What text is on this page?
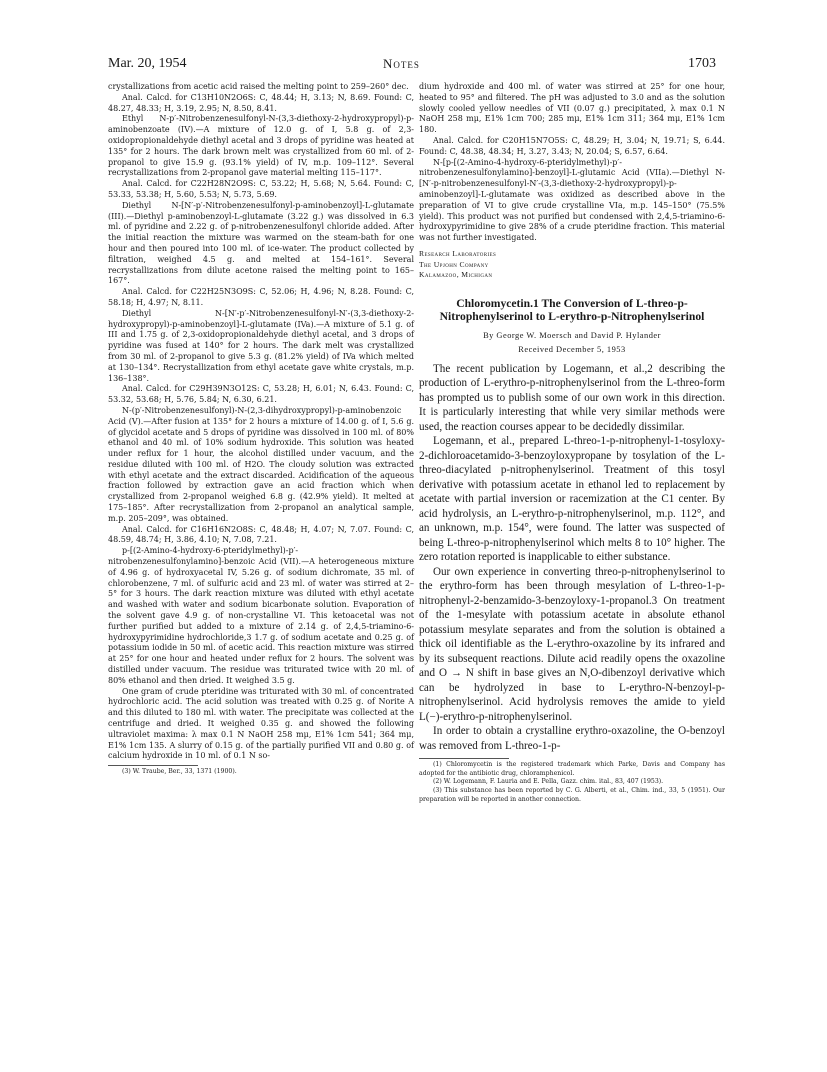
Mar. 20, 1954	Notes	1703

crystallizations from acetic acid raised the melting point to 259–260° dec.

Anal. Calcd. for C13H10N2O6S: C, 48.44; H, 3.13; N, 8.69. Found: C, 48.27, 48.33; H, 3.19, 2.95; N, 8.50, 8.41.

Ethyl N-p′-Nitrobenzenesulfonyl-N-(3,3-diethoxy-2-hydroxypropyl)-p-aminobenzoate (IV).—A mixture of 12.0 g. of I, 5.8 g. of 2,3-oxidopropionaldehyde diethyl acetal and 3 drops of pyridine was heated at 135° for 2 hours. The dark brown melt was crystallized from 60 ml. of 2-propanol to give 15.9 g. (93.1% yield) of IV, m.p. 109–112°. Several recrystallizations from 2-propanol gave material melting 115–117°.

Anal. Calcd. for C22H28N2O9S: C, 53.22; H, 5.68; N, 5.64. Found: C, 53.33, 53.38; H, 5.60, 5.53; N, 5.73, 5.69.

Diethyl N-[N′-p′-Nitrobenzenesulfonyl-p-aminobenzoyl]-L-glutamate (III).—Diethyl p-aminobenzoyl-L-glutamate (3.22 g.) was dissolved in 6.3 ml. of pyridine and 2.22 g. of p-nitrobenzenesulfonyl chloride added. After the initial reaction the mixture was warmed on the steam-bath for one hour and then poured into 100 ml. of ice-water. The product collected by filtration, weighed 4.5 g. and melted at 154–161°. Several recrystallizations from dilute acetone raised the melting point to 165–167°.

Anal. Calcd. for C22H25N3O9S: C, 52.06; H, 4.96; N, 8.28. Found: C, 58.18; H, 4.97; N, 8.11.

Diethyl N-[N′-p′-Nitrobenzenesulfonyl-N′-(3,3-diethoxy-2-hydroxypropyl)-p-aminobenzoyl]-L-glutamate (IVa).—A mixture of 5.1 g. of III and 1.75 g. of 2,3-oxidopropionaldehyde diethyl acetal, and 3 drops of pyridine was fused at 140° for 2 hours. The dark melt was crystallized from 30 ml. of 2-propanol to give 5.3 g. (81.2% yield) of IVa which melted at 130–134°. Recrystallization from ethyl acetate gave white crystals, m.p. 136–138°.

Anal. Calcd. for C29H39N3O12S: C, 53.28; H, 6.01; N, 6.43. Found: C, 53.32, 53.68; H, 5.76, 5.84; N, 6.30, 6.21.

N-(p′-Nitrobenzenesulfonyl)-N-(2,3-dihydroxypropyl)-p-aminobenzoic Acid (V).—After fusion at 135° for 2 hours a mixture of 14.00 g. of I, 5.6 g. of glycidol acetate and 5 drops of pyridine was dissolved in 100 ml. of 80% ethanol and 40 ml. of 10% sodium hydroxide. This solution was heated under reflux for 1 hour, the alcohol distilled under vacuum, and the residue diluted with 100 ml. of H2O. The cloudy solution was extracted with ethyl acetate and the extract discarded. Acidification of the aqueous fraction followed by extraction gave an acid fraction which when crystallized from 2-propanol weighed 6.8 g. (42.9% yield). It melted at 175–185°. After recrystallization from 2-propanol an analytical sample, m.p. 205–209°, was obtained.

Anal. Calcd. for C16H16N2O8S: C, 48.48; H, 4.07; N, 7.07. Found: C, 48.59, 48.74; H, 3.86, 4.10; N, 7.08, 7.21.

p-[(2-Amino-4-hydroxy-6-pteridylmethyl)-p′-nitrobenzenesulfonylamino]-benzoic Acid (VII).—A heterogeneous mixture of 4.96 g. of hydroxyacetal IV, 5.26 g. of sodium dichromate, 35 ml. of chlorobenzene, 7 ml. of sulfuric acid and 23 ml. of water was stirred at 2–5° for 3 hours. The dark reaction mixture was diluted with ethyl acetate and washed with water and sodium bicarbonate solution. Evaporation of the solvent gave 4.9 g. of non-crystalline VI. This ketoacetal was not further purified but added to a mixture of 2.14 g. of 2,4,5-triamino-6-hydroxypyrimidine hydrochloride,3 1.7 g. of sodium acetate and 0.25 g. of potassium iodide in 50 ml. of acetic acid. This reaction mixture was stirred at 25° for one hour and heated under reflux for 2 hours. The solvent was distilled under vacuum. The residue was triturated twice with 20 ml. of 80% ethanol and then dried. It weighed 3.5 g.

One gram of crude pteridine was triturated with 30 ml. of concentrated hydrochloric acid. The acid solution was treated with 0.25 g. of Norite A and this diluted to 180 ml. with water. The precipitate was collected at the centrifuge and dried. It weighed 0.35 g. and showed the following ultraviolet maxima: λ max 0.1 N NaOH 258 mμ, E1% 1cm 541; 364 mμ, E1% 1cm 135. A slurry of 0.15 g. of the partially purified VII and 0.80 g. of calcium hydroxide in 10 ml. of 0.1 N so-

(3) W. Traube, Ber., 33, 1371 (1900).

dium hydroxide and 400 ml. of water was stirred at 25° for one hour, heated to 95° and filtered. The pH was adjusted to 3.0 and as the solution slowly cooled yellow needles of VII (0.07 g.) precipitated, λ max 0.1 N NaOH 258 mμ, E1% 1cm 700; 285 mμ, E1% 1cm 311; 364 mμ, E1% 1cm 180.

Anal. Calcd. for C20H15N7O5S: C, 48.29; H, 3.04; N, 19.71; S, 6.44. Found: C, 48.38, 48.34; H, 3.27, 3.43; N, 20.04; S, 6.57, 6.64.

N-[p-[(2-Amino-4-hydroxy-6-pteridylmethyl)-p′-nitrobenzenesulfonylamino]-benzoyl]-L-glutamic Acid (VIIa).—Diethyl N-[N′-p-nitrobenzenesulfonyl-N′-(3,3-diethoxy-2-hydroxypropyl)-p-aminobenzoyl]-L-glutamate was oxidized as described above in the preparation of VI to give crude crystalline VIa, m.p. 145–150° (75.5% yield). This product was not purified but condensed with 2,4,5-triamino-6-hydroxypyrimidine to give 28% of a crude pteridine fraction. This material was not further investigated.

Research Laboratories

The Upjohn Company

Kalamazoo, Michigan

Chloromycetin.1 The Conversion of L-threo-p-Nitrophenylserinol to L-erythro-p-Nitrophenylserinol

By George W. Moersch and David P. Hylander

Received December 5, 1953

The recent publication by Logemann, et al.,2 describing the production of L-erythro-p-nitrophenylserinol from the L-threo-form has prompted us to publish some of our own work in this direction. It is particularly interesting that while very similar methods were used, the reaction courses appear to be decidedly dissimilar.

Logemann, et al., prepared L-threo-1-p-nitrophenyl-1-tosyloxy-2-dichloroacetamido-3-benzoyloxypropane by tosylation of the L-threo-diacylated p-nitrophenylserinol. Treatment of this tosyl derivative with potassium acetate in ethanol led to replacement by acetate with partial inversion or racemization at the C1 center. By acid hydrolysis, an L-erythro-p-nitrophenylserinol, m.p. 112°, and an unknown, m.p. 154°, were found. The latter was suspected of being L-threo-p-nitrophenylserinol which melts 8 to 10° higher. The zero rotation reported is inapplicable to either substance.

Our own experience in converting threo-p-nitrophenylserinol to the erythro-form has been through mesylation of L-threo-1-p-nitrophenyl-2-benzamido-3-benzoyloxy-1-propanol.3 On treatment of the 1-mesylate with potassium acetate in absolute ethanol potassium mesylate separates and from the solution is obtained a thick oil identifiable as the L-erythro-oxazoline by its infrared and by its subsequent reactions. Dilute acid readily opens the oxazoline and O → N shift in base gives an N,O-dibenzoyl derivative which can be hydrolyzed in base to L-erythro-N-benzoyl-p-nitrophenylserinol. Acid hydrolysis removes the amide to yield L(−)-erythro-p-nitrophenylserinol.

In order to obtain a crystalline erythro-oxazoline, the O-benzoyl was removed from L-threo-1-p-

(1) Chloromycetin is the registered trademark which Parke, Davis and Company has adopted for the antibiotic drug, chloramphenicol.

(2) W. Logemann, F. Lauria and E. Pella, Gazz. chim. ital., 83, 407 (1953).

(3) This substance has been reported by C. G. Alberti, et al., Chim. ind., 33, 5 (1951). Our preparation will be reported in another connection.
